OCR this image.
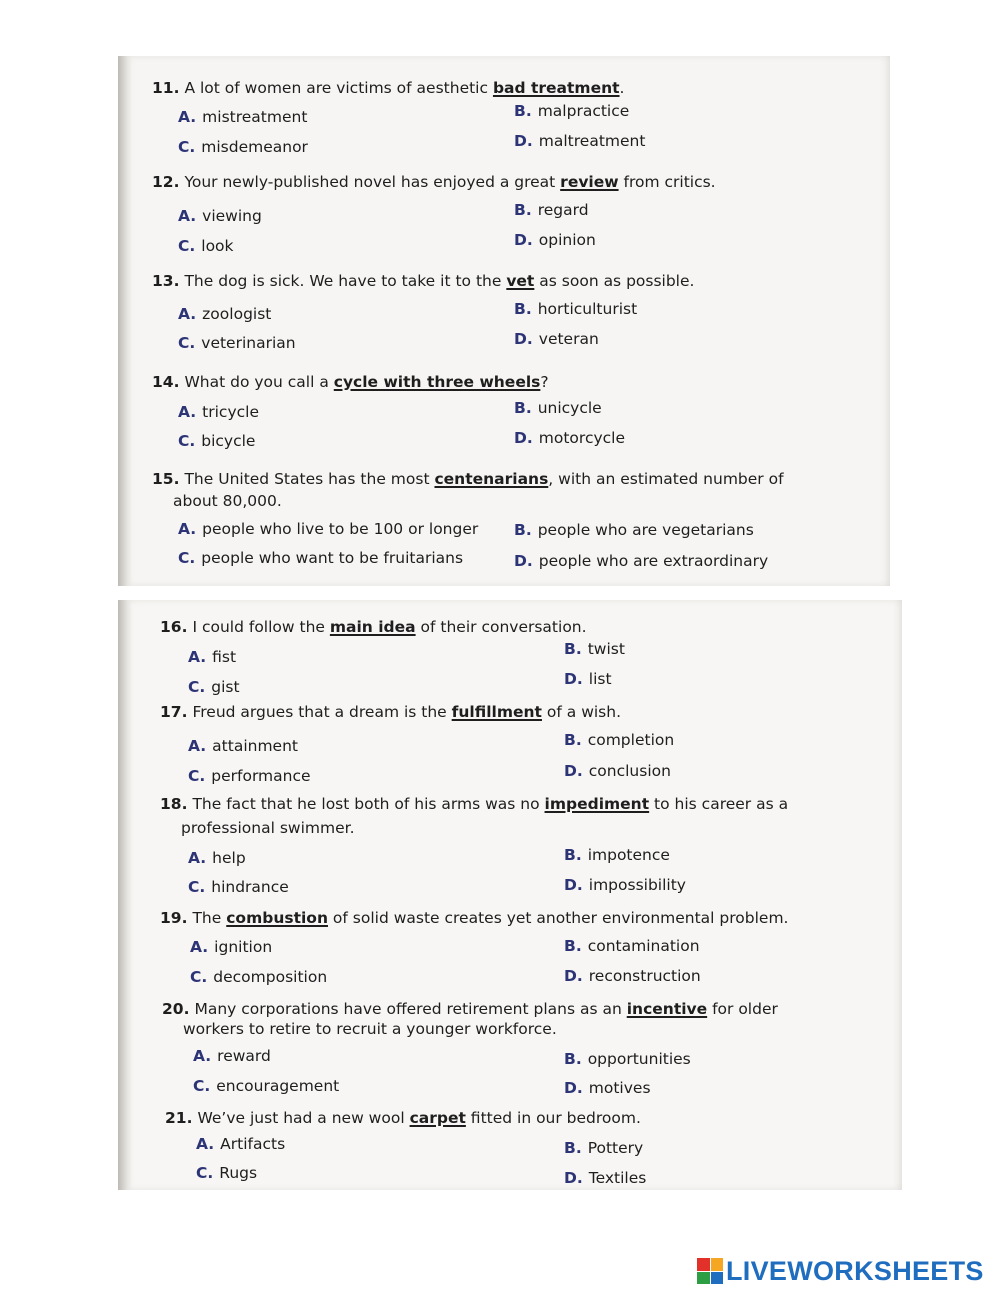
11. A lot of women are victims of aesthetic bad treatment.
A. mistreatment	B. malpractice
C. misdemeanor	D. maltreatment
12. Your newly-published novel has enjoyed a great review from critics.
A. viewing	B. regard
C. look	D. opinion
13. The dog is sick. We have to take it to the vet as soon as possible.
A. zoologist	B. horticulturist
C. veterinarian	D. veteran
14. What do you call a cycle with three wheels?
A. tricycle	B. unicycle
C. bicycle	D. motorcycle
15. The United States has the most centenarians, with an estimated number of
about 80,000.
A. people who live to be 100 or longer B. people who are vegetarians
C. people who want to be fruitarians	D. people who are extraordinary
16. I could follow the main idea of their conversation.
A. fist	B. twist
C. gist	D. list
17. Freud argues that a dream is the fulfillment of a wish.
A. attainment	B. completion
C. performance	D. conclusion
18. The fact that he lost both of his arms was no impediment to his career as a
professional swimmer.
A. help	B. impotence
C. hindrance	D. impossibility
19. The combustion of solid waste creates yet another environmental problem.
A. ignition	B. contamination
C. decomposition	D. reconstruction
20. Many corporations have offered retirement plans as an incentive for older
workers to retire to recruit a younger workforce.
A. reward	B. opportunities
C. encouragement	D. motives
21. We’ve just had a new wool carpet fitted in our bedroom.
A. Artifacts	B. Pottery
C. Rugs	D. Textiles
LIVEWORKSHEETS
